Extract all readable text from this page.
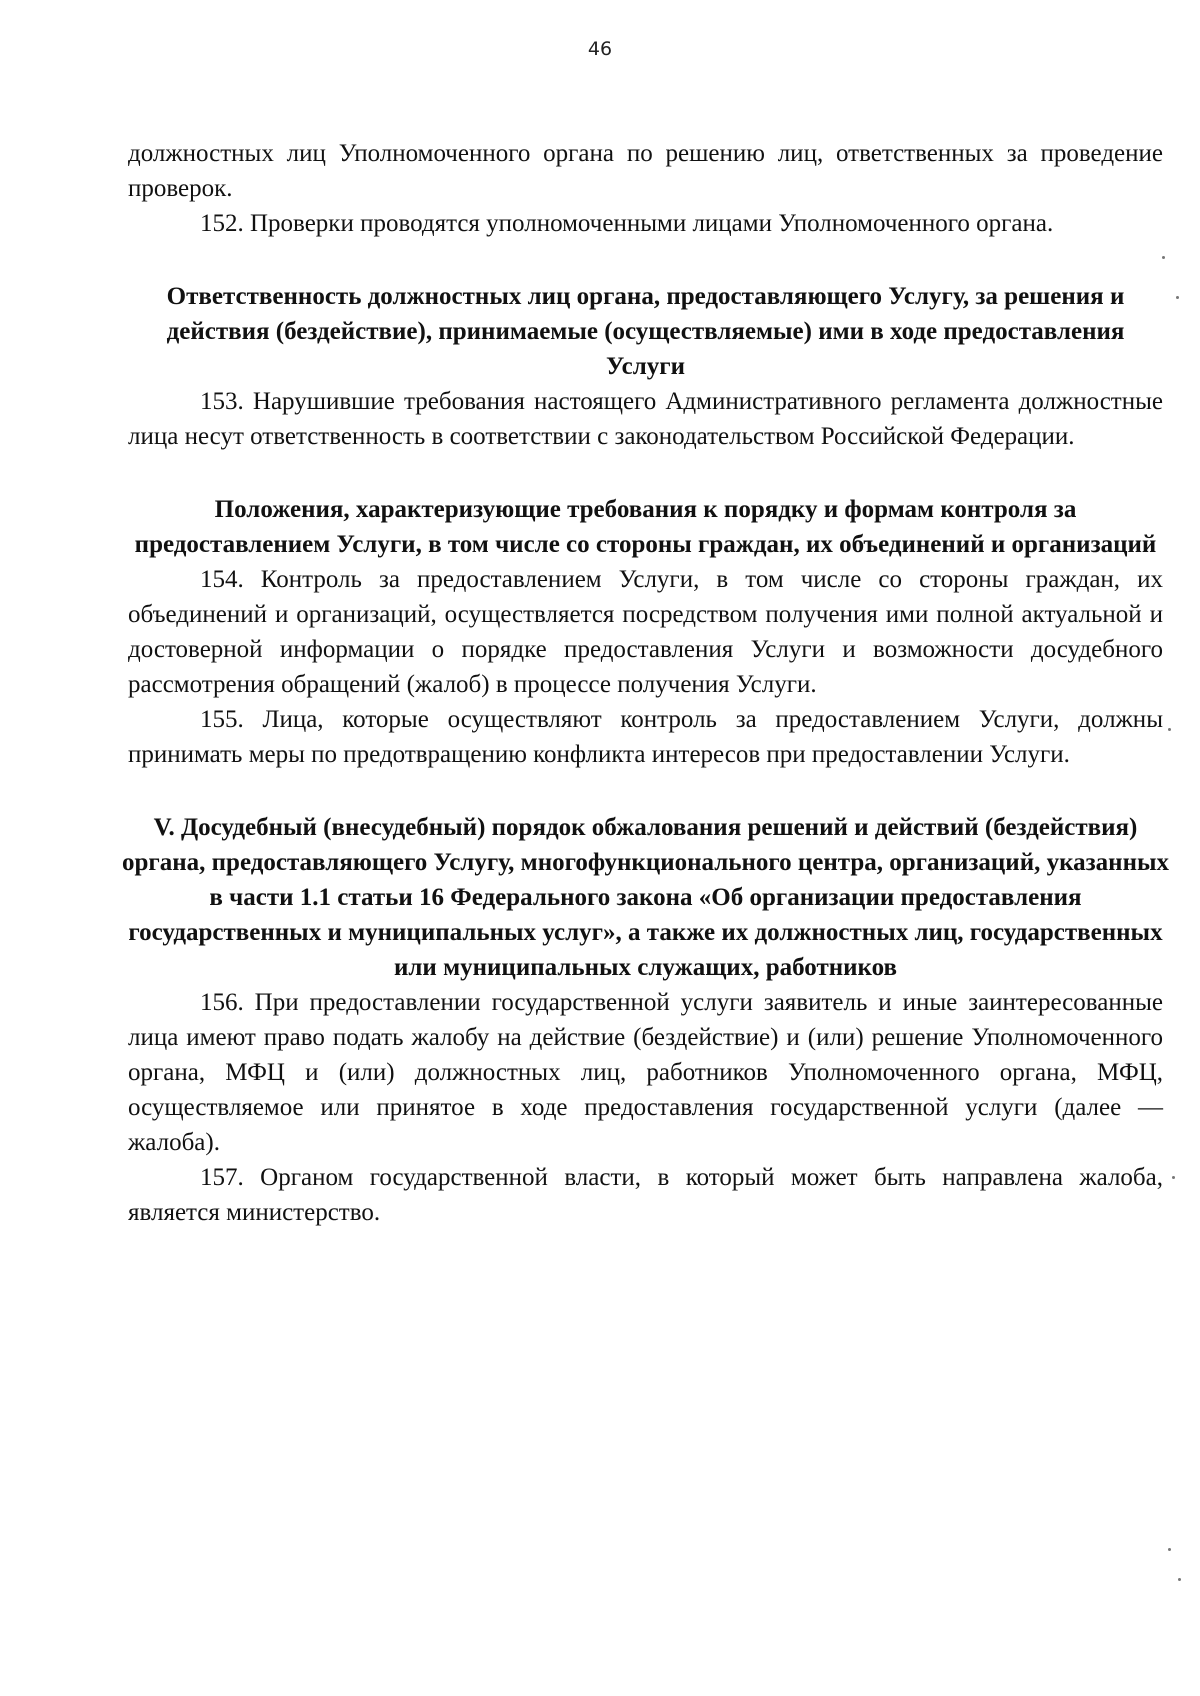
46

должностных лиц Уполномоченного органа по решению лиц, ответственных за проведение проверок.

152. Проверки проводятся уполномоченными лицами Уполномоченного органа.

Ответственность должностных лиц органа, предоставляющего Услугу, за решения и действия (бездействие), принимаемые (осуществляемые) ими в ходе предоставления Услуги

153. Нарушившие требования настоящего Административного регламента должностные лица несут ответственность в соответствии с законодательством Российской Федерации.

Положения, характеризующие требования к порядку и формам контроля за предоставлением Услуги, в том числе со стороны граждан, их объединений и организаций

154. Контроль за предоставлением Услуги, в том числе со стороны граждан, их объединений и организаций, осуществляется посредством получения ими полной актуальной и достоверной информации о порядке предоставления Услуги и возможности досудебного рассмотрения обращений (жалоб) в процессе получения Услуги.

155. Лица, которые осуществляют контроль за предоставлением Услуги, должны принимать меры по предотвращению конфликта интересов при предоставлении Услуги.

V. Досудебный (внесудебный) порядок обжалования решений и действий (бездействия) органа, предоставляющего Услугу, многофункционального центра, организаций, указанных в части 1.1 статьи 16 Федерального закона «Об организации предоставления государственных и муниципальных услуг», а также их должностных лиц, государственных или муниципальных служащих, работников

156. При предоставлении государственной услуги заявитель и иные заинтересованные лица имеют право подать жалобу на действие (бездействие) и (или) решение Уполномоченного органа, МФЦ и (или) должностных лиц, работников Уполномоченного органа, МФЦ, осуществляемое или принятое в ходе предоставления государственной услуги (далее — жалоба).

157. Органом государственной власти, в который может быть направлена жалоба, является министерство.
